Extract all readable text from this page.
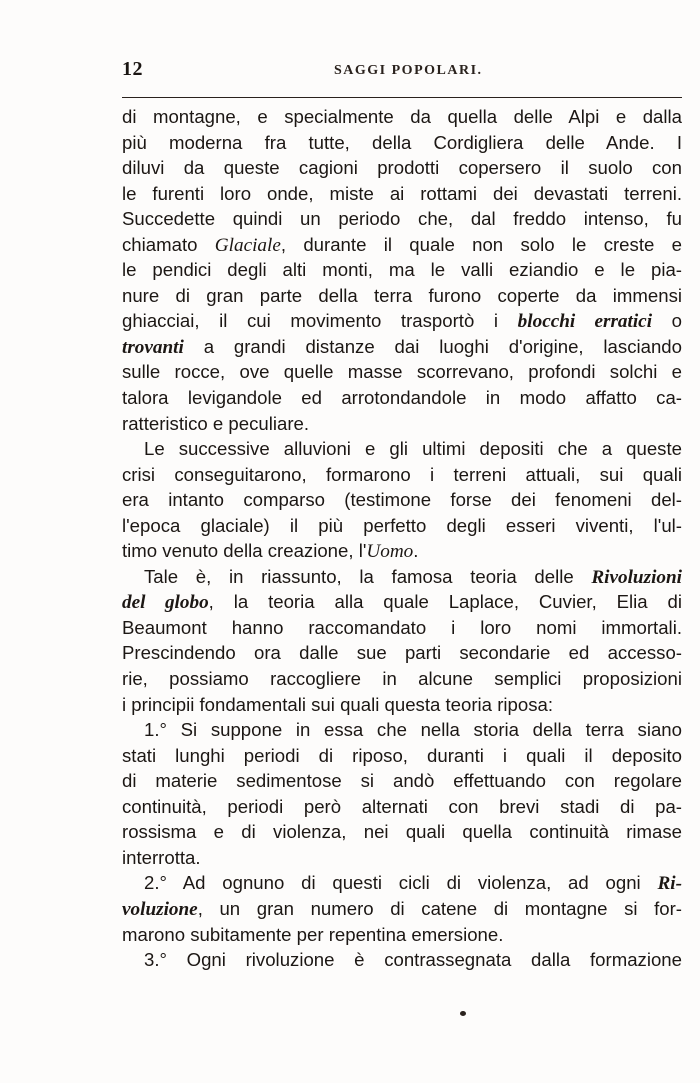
12	SAGGI POPOLARI.
di montagne, e specialmente da quella delle Alpi e dalla
più moderna fra tutte, della Cordigliera delle Ande. I
diluvi da queste cagioni prodotti copersero il suolo con
le furenti loro onde, miste ai rottami dei devastati terreni.
Succedette quindi un periodo che, dal freddo intenso, fu
chiamato Glaciale, durante il quale non solo le creste e
le pendici degli alti monti, ma le valli eziandio e le pia-
nure di gran parte della terra furono coperte da immensi
ghiacciai, il cui movimento trasportò i blocchi erratici o
trovanti a grandi distanze dai luoghi d'origine, lasciando
sulle rocce, ove quelle masse scorrevano, profondi solchi e
talora levigandole ed arrotondandole in modo affatto ca-
ratteristico e peculiare.
Le successive alluvioni e gli ultimi depositi che a queste
crisi conseguitarono, formarono i terreni attuali, sui quali
era intanto comparso (testimone forse dei fenomeni del-
l'epoca glaciale) il più perfetto degli esseri viventi, l'ul-
timo venuto della creazione, l'Uomo.
Tale è, in riassunto, la famosa teoria delle Rivoluzioni
del globo, la teoria alla quale Laplace, Cuvier, Elia di
Beaumont hanno raccomandato i loro nomi immortali.
Prescindendo ora dalle sue parti secondarie ed accesso-
rie, possiamo raccogliere in alcune semplici proposizioni
i principii fondamentali sui quali questa teoria riposa:
1.° Si suppone in essa che nella storia della terra siano
stati lunghi periodi di riposo, duranti i quali il deposito
di materie sedimentose si andò effettuando con regolare
continuità, periodi però alternati con brevi stadi di pa-
rossisma e di violenza, nei quali quella continuità rimase
interrotta.
2.° Ad ognuno di questi cicli di violenza, ad ogni Ri-
voluzione, un gran numero di catene di montagne si for-
marono subitamente per repentina emersione.
3.° Ogni rivoluzione è contrassegnata dalla formazione
